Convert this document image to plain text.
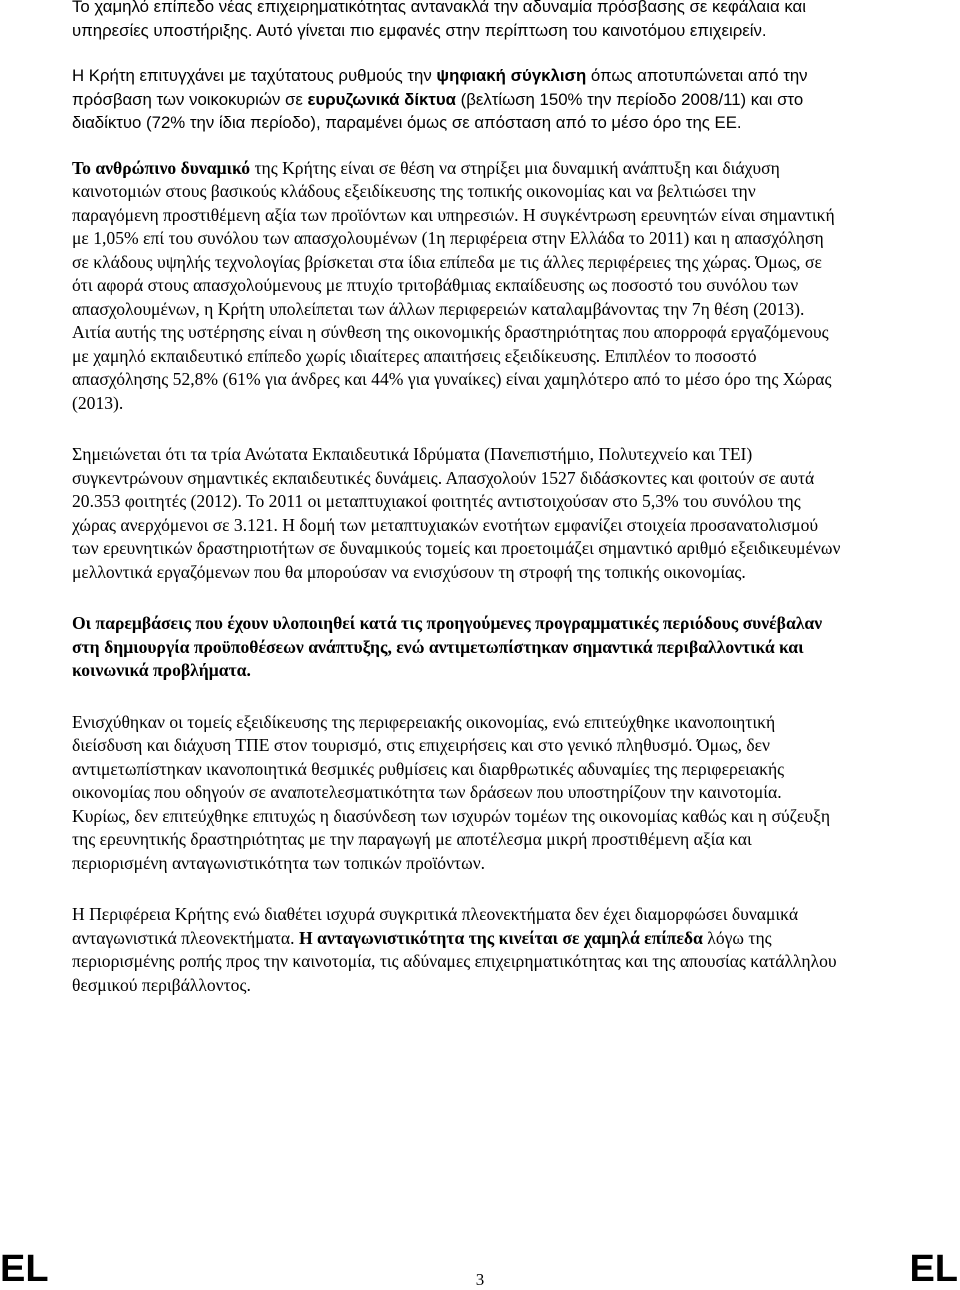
Το χαμηλό επίπεδο νέας επιχειρηματικότητας αντανακλά την αδυναμία πρόσβασης σε κεφάλαια και υπηρεσίες υποστήριξης. Αυτό γίνεται πιο εμφανές στην περίπτωση του καινοτόμου επιχειρείν.

Η Κρήτη επιτυγχάνει με ταχύτατους ρυθμούς την ψηφιακή σύγκλιση όπως αποτυπώνεται από την πρόσβαση των νοικοκυριών σε ευρυζωνικά δίκτυα (βελτίωση 150% την περίοδο 2008/11) και στο διαδίκτυο (72% την ίδια περίοδο), παραμένει όμως σε απόσταση από το μέσο όρο της ΕΕ.

Το ανθρώπινο δυναμικό της Κρήτης είναι σε θέση να στηρίξει μια δυναμική ανάπτυξη και διάχυση καινοτομιών στους βασικούς κλάδους εξειδίκευσης της τοπικής οικονομίας και να βελτιώσει την παραγόμενη προστιθέμενη αξία των προϊόντων και υπηρεσιών. Η συγκέντρωση ερευνητών είναι σημαντική με 1,05% επί του συνόλου των απασχολουμένων (1η περιφέρεια στην Ελλάδα το 2011) και η απασχόληση σε κλάδους υψηλής τεχνολογίας βρίσκεται στα ίδια επίπεδα με τις άλλες περιφέρειες της χώρας. Όμως, σε ότι αφορά στους απασχολούμενους με πτυχίο τριτοβάθμιας εκπαίδευσης ως ποσοστό του συνόλου των απασχολουμένων, η Κρήτη υπολείπεται των άλλων περιφερειών καταλαμβάνοντας την 7η θέση (2013). Αιτία αυτής της υστέρησης είναι η σύνθεση της οικονομικής δραστηριότητας που απορροφά εργαζόμενους με χαμηλό εκπαιδευτικό επίπεδο χωρίς ιδιαίτερες απαιτήσεις εξειδίκευσης. Επιπλέον το ποσοστό απασχόλησης 52,8% (61% για άνδρες και 44% για γυναίκες) είναι χαμηλότερο από το μέσο όρο της Χώρας (2013).

Σημειώνεται ότι τα τρία Ανώτατα Εκπαιδευτικά Ιδρύματα (Πανεπιστήμιο, Πολυτεχνείο και ΤΕΙ) συγκεντρώνουν σημαντικές εκπαιδευτικές δυνάμεις. Απασχολούν 1527 διδάσκοντες και φοιτούν σε αυτά 20.353 φοιτητές (2012). Το 2011 οι μεταπτυχιακοί φοιτητές αντιστοιχούσαν στο 5,3% του συνόλου της χώρας ανερχόμενοι σε 3.121. Η δομή των μεταπτυχιακών ενοτήτων εμφανίζει στοιχεία προσανατολισμού των ερευνητικών δραστηριοτήτων σε δυναμικούς τομείς και προετοιμάζει σημαντικό αριθμό εξειδικευμένων μελλοντικά εργαζόμενων που θα μπορούσαν να ενισχύσουν τη στροφή της τοπικής οικονομίας.

Οι παρεμβάσεις που έχουν υλοποιηθεί κατά τις προηγούμενες προγραμματικές περιόδους συνέβαλαν στη δημιουργία προϋποθέσεων ανάπτυξης, ενώ αντιμετωπίστηκαν σημαντικά περιβαλλοντικά και κοινωνικά προβλήματα.

Ενισχύθηκαν οι τομείς εξειδίκευσης της περιφερειακής οικονομίας, ενώ επιτεύχθηκε ικανοποιητική διείσδυση και διάχυση ΤΠΕ στον τουρισμό, στις επιχειρήσεις και στο γενικό πληθυσμό. Όμως, δεν αντιμετωπίστηκαν ικανοποιητικά θεσμικές ρυθμίσεις και διαρθρωτικές αδυναμίες της περιφερειακής οικονομίας που οδηγούν σε αναποτελεσματικότητα των δράσεων που υποστηρίζουν την καινοτομία. Κυρίως, δεν επιτεύχθηκε επιτυχώς η διασύνδεση των ισχυρών τομέων της οικονομίας καθώς και η σύζευξη της ερευνητικής δραστηριότητας με την παραγωγή με αποτέλεσμα μικρή προστιθέμενη αξία και περιορισμένη ανταγωνιστικότητα των τοπικών προϊόντων.

Η Περιφέρεια Κρήτης ενώ διαθέτει ισχυρά συγκριτικά πλεονεκτήματα δεν έχει διαμορφώσει δυναμικά ανταγωνιστικά πλεονεκτήματα. Η ανταγωνιστικότητα της κινείται σε χαμηλά επίπεδα λόγω της περιορισμένης ροπής προς την καινοτομία, τις αδύναμες επιχειρηματικότητας και της απουσίας κατάλληλου θεσμικού περιβάλλοντος.

EL	3	EL
